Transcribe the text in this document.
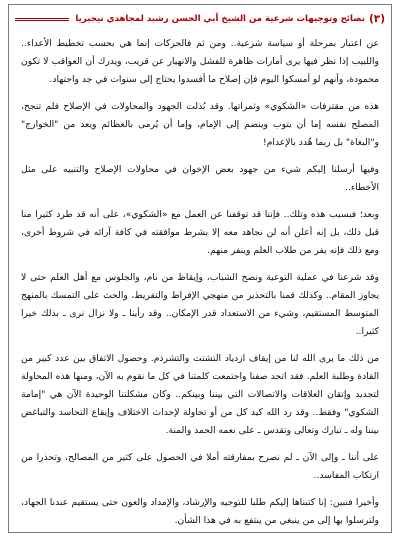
(٣)
نصائح وتوجيهات شرعية من الشيخ أبي الحسن رشيد لمجاهدي نيجيريا

عن اعتبار بمرحلة أو سياسة شرعية.. ومن ثم فالحركات إنما هي بحسب تخطيط الأعداء.. واللبيب إذا نظر فيها يرى أمارات ظاهرة للفشل والانهيار عن قريب، ويدرك أن العواقب لا تكون محمودة، وأنهم لو أمسكوا اليوم فإن إصلاح ما أفسدوا يحتاج إلى سنوات في جد واجتهاد.

هذه من مقترفات «الشكوي» وثمراتها. وقد بُذلت الجهود والمحاولات في الإصلاح فلم تنجح، المصلح نفسه إما أن يتوب وينضم إلى الإمام، وإما أن يُرمى بالعظائم ويعد من "الخوارج" و"البغاة" بل ربما هُدد بالإعدام!

وفيها أرسلنا إليكم شيء من جهود بعض الإخوان في محاولات الإصلاح والتنبيه على مثل الأخطاء..

وبعد؛ فبسبب هذه وتلك.. فإننا قد توقفنا عن العمل مع «الشكوي»، على أنه قد طرد كثيرا منا قبل ذلك، بل إنه أعلن أنه لن نجاهد معه إلا بشرط موافقته في كافة آرائه في شروط أخرى، ومع ذلك فإنه يفر من طلاب العلم وينفر منهم.

وقد شرعنا في عملية التوعية ونصح الشباب، وإيقاظ من نام، والجلوس مع أهل العلم حتى لا يجاوز المقام.. وكذلك قمنا بالتحذير من منهجي الإفراط والتفريط، والحث على التمسك بالمنهج المتوسط المستقيم، وشيء من الاستعداد قدر الإمكان.. وقد رأينا ـ ولا نزال نرى ـ بذلك خيرا كثيرا..

من ذلك ما يرى الله لنا من إيقاف ازدياد التشتت والتشرذم. وحصول الاتفاق بين عدد كبير من القادة وطلبة العلم. فقد اتحد صفنا واجتمعت كلمتنا في كل ما نقوم به الآن، ومنها هذه المحاولة لتجديد وإتقان العلاقات والاتصالات التي بيننا وبينكم.. وكان مشكلتنا الوحيدة الآن هي "إمامة الشكوي" وفقط.. وقد رد الله كيد كل من أو تحاولة لإحداث الاختلاف وإيقاع التحاسد والتباغض بيننا وله ـ تبارك وتعالى وتقدس ـ على نعمه الحمد والمنة.

على أننا ـ وإلى الآن ـ لم نصرح بمفارقته أملا في الحصول على كثير من المصالح، وتحذرا من ارتكاب المفاسد..

وأخيرا فنبين: إنا كتبناها إليكم طلبا للتوجيه والإرشاد، والإمداد والعون حتى يستقيم عندنا الجهاد، ولترسلوا بها إلى من ينبغي من ينتفع به في هذا الشأن.
